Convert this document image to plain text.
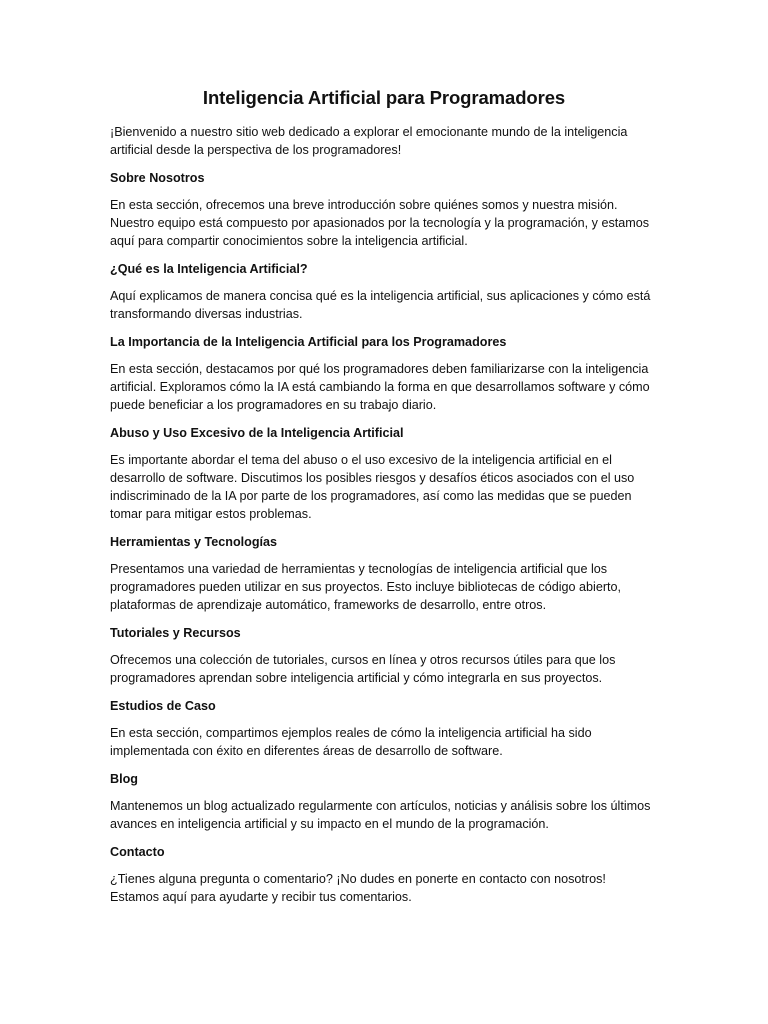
Inteligencia Artificial para Programadores

¡Bienvenido a nuestro sitio web dedicado a explorar el emocionante mundo de la inteligencia artificial desde la perspectiva de los programadores!

Sobre Nosotros

En esta sección, ofrecemos una breve introducción sobre quiénes somos y nuestra misión. Nuestro equipo está compuesto por apasionados por la tecnología y la programación, y estamos aquí para compartir conocimientos sobre la inteligencia artificial.

¿Qué es la Inteligencia Artificial?

Aquí explicamos de manera concisa qué es la inteligencia artificial, sus aplicaciones y cómo está transformando diversas industrias.

La Importancia de la Inteligencia Artificial para los Programadores

En esta sección, destacamos por qué los programadores deben familiarizarse con la inteligencia artificial. Exploramos cómo la IA está cambiando la forma en que desarrollamos software y cómo puede beneficiar a los programadores en su trabajo diario.

Abuso y Uso Excesivo de la Inteligencia Artificial

Es importante abordar el tema del abuso o el uso excesivo de la inteligencia artificial en el desarrollo de software. Discutimos los posibles riesgos y desafíos éticos asociados con el uso indiscriminado de la IA por parte de los programadores, así como las medidas que se pueden tomar para mitigar estos problemas.

Herramientas y Tecnologías

Presentamos una variedad de herramientas y tecnologías de inteligencia artificial que los programadores pueden utilizar en sus proyectos. Esto incluye bibliotecas de código abierto, plataformas de aprendizaje automático, frameworks de desarrollo, entre otros.

Tutoriales y Recursos

Ofrecemos una colección de tutoriales, cursos en línea y otros recursos útiles para que los programadores aprendan sobre inteligencia artificial y cómo integrarla en sus proyectos.

Estudios de Caso

En esta sección, compartimos ejemplos reales de cómo la inteligencia artificial ha sido implementada con éxito en diferentes áreas de desarrollo de software.

Blog

Mantenemos un blog actualizado regularmente con artículos, noticias y análisis sobre los últimos avances en inteligencia artificial y su impacto en el mundo de la programación.

Contacto

¿Tienes alguna pregunta o comentario? ¡No dudes en ponerte en contacto con nosotros! Estamos aquí para ayudarte y recibir tus comentarios.
